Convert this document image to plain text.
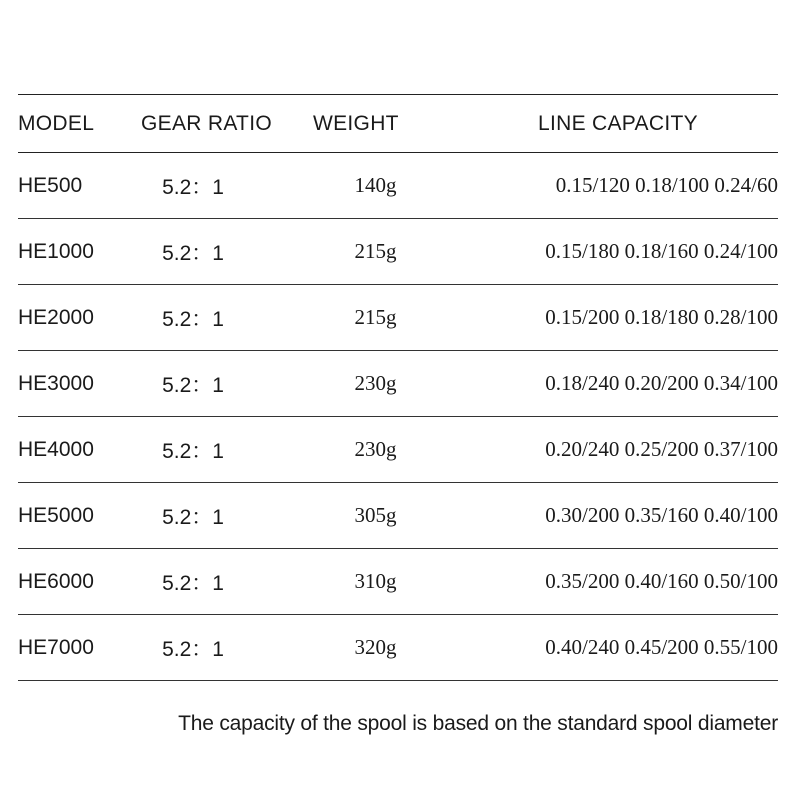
MODEL	GEAR RATIO	WEIGHT	LINE CAPACITY
HE500	5.2：1	140g	0.15/120 0.18/100 0.24/60
HE1000	5.2：1	215g	0.15/180 0.18/160 0.24/100
HE2000	5.2：1	215g	0.15/200 0.18/180 0.28/100
HE3000	5.2：1	230g	0.18/240 0.20/200 0.34/100
HE4000	5.2：1	230g	0.20/240 0.25/200 0.37/100
HE5000	5.2：1	305g	0.30/200 0.35/160 0.40/100
HE6000	5.2：1	310g	0.35/200 0.40/160 0.50/100
HE7000	5.2：1	320g	0.40/240 0.45/200 0.55/100
The capacity of the spool is based on the standard spool diameter
